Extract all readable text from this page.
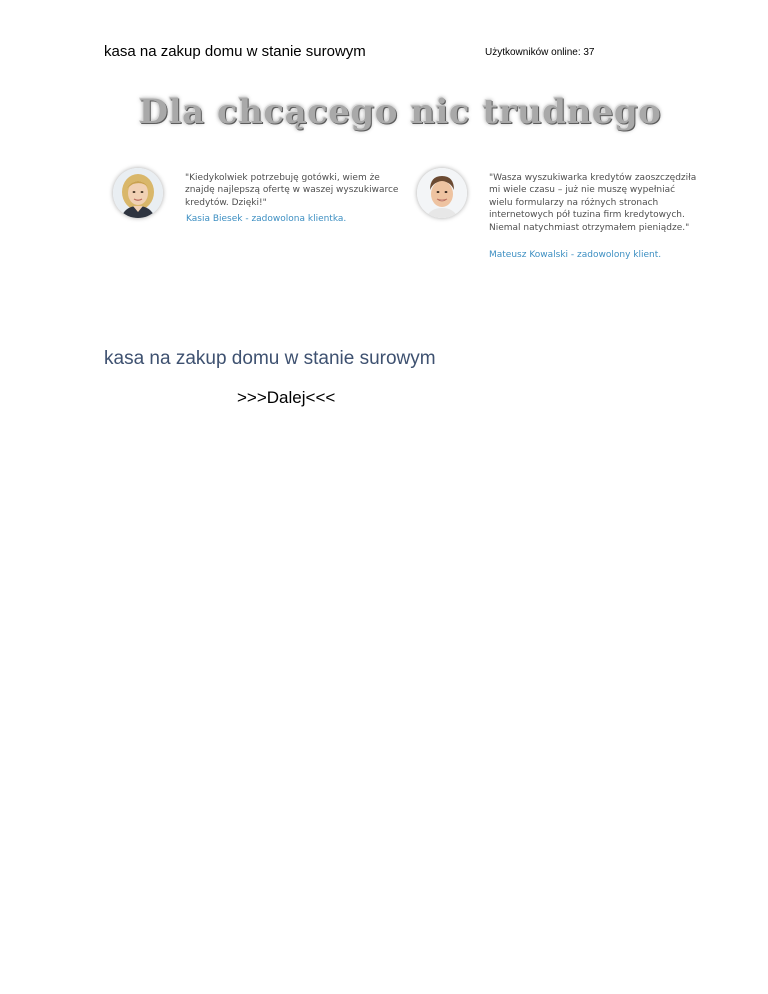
kasa na zakup domu w stanie surowym	Użytkowników online: 37
Dla chcącego nic trudnego
"Kiedykolwiek potrzebuję gotówki, wiem że znajdę najlepszą ofertę w waszej wyszukiwarce kredytów. Dzięki!"
Kasia Biesek - zadowolona klientka.
"Wasza wyszukiwarka kredytów zaoszczędziła mi wiele czasu – już nie muszę wypełniać wielu formularzy na różnych stronach internetowych pół tuzina firm kredytowych. Niemal natychmiast otrzymałem pieniądze."
Mateusz Kowalski - zadowolony klient.
kasa na zakup domu w stanie surowym
>>>Dalej<<<
